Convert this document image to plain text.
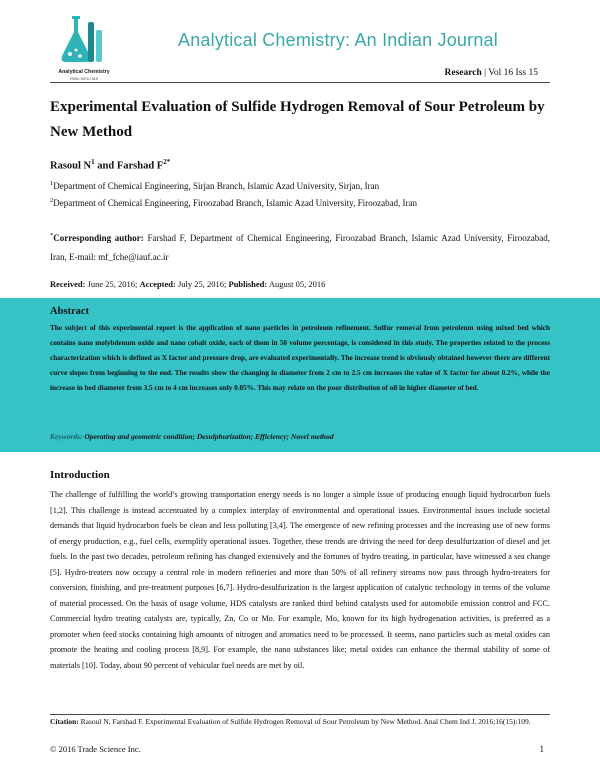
Analytical Chemistry
ISSN: 0974-7419
Analytical Chemistry: An Indian Journal
Research | Vol 16 Iss 15
Experimental Evaluation of Sulfide Hydrogen Removal of Sour Petroleum by New Method
Rasoul $N^1$ and Farshad $F^{2*}$
$^1$Department of Chemical Engineering, Sirjan Branch, Islamic Azad University, Sirjan, Iran
$^2$Department of Chemical Engineering, Firoozabad Branch, Islamic Azad University, Firoozabad, Iran
*Corresponding author: Farshad F, Department of Chemical Engineering, Firoozabad Branch, Islamic Azad University, Firoozabad, Iran, E-mail: mf_fche@iauf.ac.ir
Received: June 25, 2016; Accepted: July 25, 2016; Published: August 05, 2016
Abstract
The subject of this experimental report is the application of nano particles in petroleum refinement. Sulfur removal from petroleum using mixed bed which contains nano molybdenum oxide and nano cobalt oxide, each of them in 50 volume percentage, is considered in this study. The properties related to the process characterization which is defined as X factor and pressure drop, are evaluated experimentally. The increase trend is obviously obtained however there are different curve slopes from beginning to the end. The results show the changing in diameter from 2 cm to 2.5 cm increases the value of X factor for about 0.2%, while the increase in bed diameter from 3.5 cm to 4 cm increases only 0.05%. This may relate on the poor distribution of oil in higher diameter of bed.
Keywords: Operating and geometric condition; Desulphurization; Efficiency; Novel method
Introduction
The challenge of fulfilling the world’s growing transportation energy needs is no longer a simple issue of producing enough liquid hydrocarbon fuels [1,2]. This challenge is instead accentuated by a complex interplay of environmental and operational issues. Environmental issues include societal demands that liquid hydrocarbon fuels be clean and less polluting [3,4]. The emergence of new refining processes and the increasing use of new forms of energy production, e.g., fuel cells, exemplify operational issues. Together, these trends are driving the need for deep desulfurization of diesel and jet fuels. In the past two decades, petroleum refining has changed extensively and the fortunes of hydro treating, in particular, have witnessed a sea change [5]. Hydro-treaters now occupy a central role in modern refineries and more than 50% of all refinery streams now pass through hydro-treaters for conversion, finishing, and pre-treatment purposes [6,7]. Hydro-desulfurization is the largest application of catalytic technology in terms of the volume of material processed. On the basis of usage volume, HDS catalysts are ranked third behind catalysts used for automobile emission control and FCC. Commercial hydro treating catalysts are, typically, Zn, Co or Mo. For example, Mo, known for its high hydrogenation activities, is preferred as a promoter when feed stocks containing high amounts of nitrogen and aromatics need to be processed. It seems, nano particles such as metal oxides can promote the heating and cooling process [8,9]. For example, the nano substances like; metal oxides can enhance the thermal stability of some of materials [10]. Today, about 90 percent of vehicular fuel needs are met by oil.
Citation: Rasoul N, Farshad F. Experimental Evaluation of Sulfide Hydrogen Removal of Sour Petroleum by New Method. Anal Chem Ind J. 2016;16(15):109.
© 2016 Trade Science Inc.	1
